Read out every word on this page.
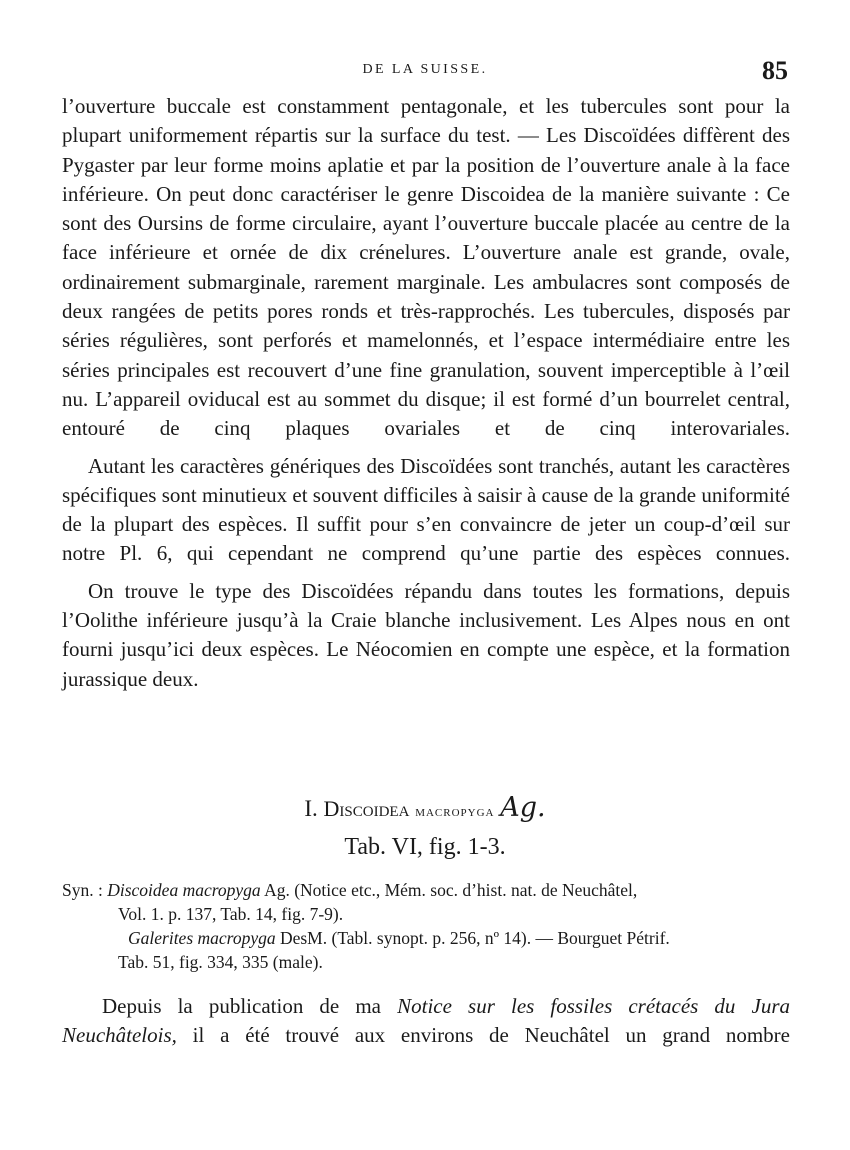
DE LA SUISSE.	85

l’ouverture buccale est constamment pentagonale, et les tubercules sont pour la plupart uniformement répartis sur la surface du test. — Les Discoïdées diffèrent des Pygaster par leur forme moins aplatie et par la position de l’ouverture anale à la face inférieure. On peut donc caractériser le genre Discoidea de la manière suivante : Ce sont des Oursins de forme circulaire, ayant l’ouverture buccale placée au centre de la face inférieure et ornée de dix crénelures. L’ouverture anale est grande, ovale, ordinairement submarginale, rarement marginale. Les ambulacres sont composés de deux rangées de petits pores ronds et très-rapprochés. Les tubercules, disposés par séries régulières, sont perforés et mamelonnés, et l’espace intermédiaire entre les séries principales est recouvert d’une fine granulation, souvent imperceptible à l’œil nu. L’appareil oviducal est au sommet du disque; il est formé d’un bourrelet central, entouré de cinq plaques ovariales et de cinq interovariales.

Autant les caractères génériques des Discoïdées sont tranchés, autant les caractères spécifiques sont minutieux et souvent difficiles à saisir à cause de la grande uniformité de la plupart des espèces. Il suffit pour s’en convaincre de jeter un coup-d’œil sur notre Pl. 6, qui cependant ne comprend qu’une partie des espèces connues.

On trouve le type des Discoïdées répandu dans toutes les formations, depuis l’Oolithe inférieure jusqu’à la Craie blanche inclusivement. Les Alpes nous en ont fourni jusqu’ici deux espèces. Le Néocomien en compte une espèce, et la formation jurassique deux.

I. Discoidea macropyga Ag.
Tab. VI, fig. 1-3.
Syn. : Discoidea macropyga Ag. (Notice etc., Mém. soc. d’hist. nat. de Neuchâtel,
Vol. 1. p. 137, Tab. 14, fig. 7-9).
Galerites macropyga DesM. (Tabl. synopt. p. 256, nº 14). — Bourguet Pétrif.
Tab. 51, fig. 334, 335 (male).

Depuis la publication de ma Notice sur les fossiles crétacés du Jura

Neuchâtelois, il a été trouvé aux environs de Neuchâtel un grand nombre
